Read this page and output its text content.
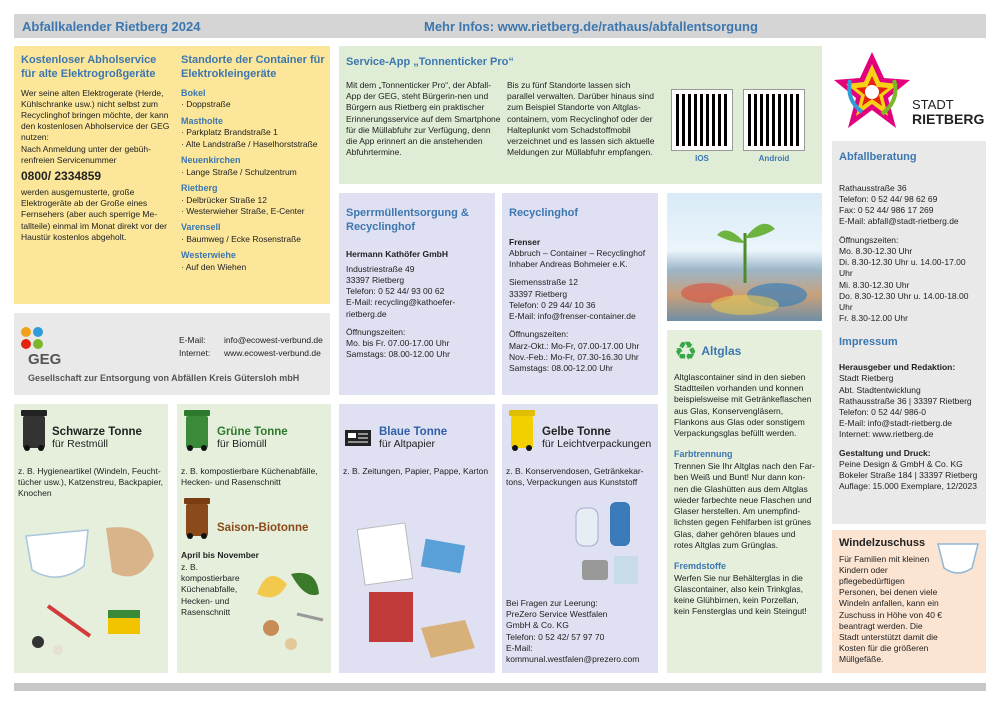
Abfallkalender Rietberg 2024	Mehr Infos: www.rietberg.de/rathaus/abfallentsorgung
Kostenloser Abholservice für alte Elektrogroßgeräte

Wer seine alten Elektrogerate (Herde, Kühlschranke usw.) nicht selbst zum Recyclinghof bringen möchte, der kann den kostenlosen Abholservice der GEG nutzen:

Nach Anmeldung unter der gebüh-renfreien Servicenummer

0800/ 2334859

werden ausgemusterte, große Elektrogeräte ab der Große eines Fernsehers (aber auch sperrige Me-tallteile) einmal im Monat direkt vor der Haustür kostenlos abgeholt.

Standorte der Container für Elektrokleingeräte
Bokel

· Doppstraße

Mastholte

· Parkplatz Brandstraße 1

· Alte Landstraße / Haselhorststraße

Neuenkirchen

· Lange Straße / Schulzentrum

Rietberg

· Delbrücker Straße 12

· Westerwieher Straße, E-Center

Varensell

· Baumweg / Ecke Rosenstraße

Westerwiehe

· Auf den Wiehen

Service-App „Tonnenticker Pro“

Mit dem „Tonnenticker Pro“, der Abfall-App der GEG, steht Bürgerin-nen und Bürgern aus Rietberg ein praktischer Erinnerungsservice auf dem Smartphone für die Müllabfuhr zur Verfügung, denn die App erinnert an die anstehenden Abfuhrtermine.

Bis zu fünf Standorte lassen sich parallel verwalten. Darüber hinaus sind zum Beispiel Standorte von Altglas-containern, vom Recyclinghof oder der Halteplunkt vom Schadstoffmobil verzeichnet und es lassen sich aktuelle Meldungen zur Müllabfuhr empfangen.

IOS	Android
STADT
RIETBERG
Abfallberatung

Rathausstraße 36

Telefon: 0 52 44/ 98 62 69

Fax: 0 52 44/ 986 17 269

E-Mail: abfall@stadt-rietberg.de

Öffnungszeiten:

Mo. 8.30-12.30 Uhr

Di. 8.30-12.30 Uhr u. 14.00-17.00 Uhr

Mi. 8.30-12.30 Uhr

Do. 8.30-12.30 Uhr u. 14.00-18.00 Uhr

Fr. 8.30-12.00 Uhr

Impressum

Herausgeber und Redaktion:

Stadt Rietberg

Abt. Stadtentwicklung

Rathausstraße 36 | 33397 Rietberg

Telefon: 0 52 44/ 986-0

E-Mail: info@stadt-rietberg.de

Internet: www.rietberg.de

Gestaltung und Druck:

Peine Design & GmbH & Co. KG

Bokeler Straße 184 | 33397 Rietberg

Auflage: 15.000 Exemplare, 12/2023

GEG
E-Mail:	info@ecowest-verbund.de
Internet: www.ecowest-verbund.de
Gesellschaft zur Entsorgung von Abfällen Kreis Gütersloh mbH
Sperrmüllentsorgung & Recyclinghof

Hermann Kathöfer GmbH

Industriestraße 49

33397 Rietberg

Telefon: 0 52 44/ 93 00 62

E-Mail: recycling@kathoefer-rietberg.de

Öffnungszeiten:

Mo. bis Fr. 07.00-17.00 Uhr

Samstags: 08.00-12.00 Uhr

Recyclinghof

Frenser

Abbruch – Container – Recyclinghof

Inhaber Andreas Bohmeier e.K.

Siemensstraße 12

33397 Rietberg

Telefon: 0 29 44/ 10 36

E-Mail: info@frenser-container.de

Öffnungszeiten:

Marz-Okt.: Mo-Fr, 07.00-17.00 Uhr

Nov.-Feb.: Mo-Fr, 07.30-16.30 Uhr

Samstags: 08.00-12.00 Uhr

♻ Altglas

Altglascontainer sind in den sieben Stadtteilen vorhanden und konnen beispielsweise mit Getränkeflaschen aus Glas, Konservengläsern, Flankons aus Glas oder sonstigem Verpackungsglas befüllt werden.

Farbtrennung

Trennen Sie Ihr Altglas nach den Far-ben Weiß und Bunt! Nur dann kon-nen die Glashütten aus dem Altglas wieder farbechte neue Flaschen und Glaser herstellen. Am unempfind-lichsten gegen Fehlfarben ist grünes Glas, daher gehören blaues und rotes Altglas zum Grünglas.

Fremdstoffe

Werfen Sie nur Behälterglas in die Glascontainer, also kein Trinkglas, keine Glühbirnen, kein Porzellan, kein Fensterglas und kein Steingut!

Windelzuschuss

Für Familien mit kleinen Kindern oder pflegebedürftigen Personen, bei denen viele Windeln anfallen, kann ein Zuschuss in Höhe von 40 € beantragt werden. Die Stadt unterstützt damit die Kosten für die größeren Müllgefäße.

Schwarze Tonne
für Restmüll

z. B. Hygieneartikel (Windeln, Feucht-tücher usw.), Katzenstreu, Backpapier, Knochen

Grüne Tonne
für Biomüll

z. B. kompostierbare Küchenabfälle, Hecken- und Rasenschnitt

Saison-Biotonne

April bis November

z. B. kompostierbare Küchenabfalle, Hecken- und Rasenschnitt

Blaue Tonne
für Altpapier

z. B. Zeitungen, Papier, Pappe, Karton

Gelbe Tonne
für Leichtverpackungen

z. B. Konservendosen, Getränkekar-tons, Verpackungen aus Kunststoff

Bei Fragen zur Leerung:

PreZero Service Westfalen

GmbH & Co. KG

Telefon: 0 52 42/ 57 97 70

E-Mail:

kommunal.westfalen@prezero.com
